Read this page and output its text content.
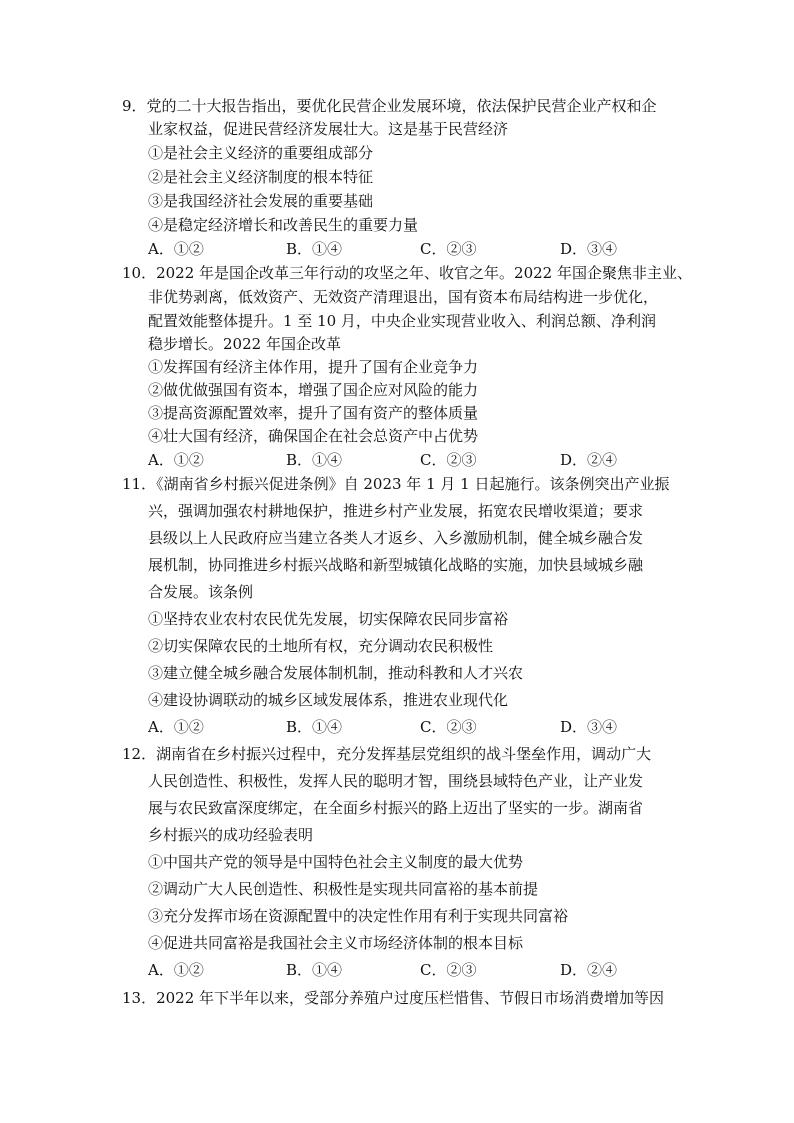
9．党的二十大报告指出，要优化民营企业发展环境，依法保护民营企业产权和企
业家权益，促进民营经济发展壮大。这是基于民营经济
①是社会主义经济的重要组成部分
②是社会主义经济制度的根本特征
③是我国经济社会发展的重要基础
④是稳定经济增长和改善民生的重要力量
A．①②	B．①④	C．②③	D．③④
10．2022 年是国企改革三年行动的攻坚之年、收官之年。2022 年国企聚焦非主业、
非优势剥离，低效资产、无效资产清理退出，国有资本布局结构进一步优化，
配置效能整体提升。1 至 10 月，中央企业实现营业收入、利润总额、净利润
稳步增长。2022 年国企改革
①发挥国有经济主体作用，提升了国有企业竞争力
②做优做强国有资本，增强了国企应对风险的能力
③提高资源配置效率，提升了国有资产的整体质量
④壮大国有经济，确保国企在社会总资产中占优势
A．①②	B．①④	C．②③	D．②④
11．《湖南省乡村振兴促进条例》自 2023 年 1 月 1 日起施行。该条例突出产业振
兴，强调加强农村耕地保护，推进乡村产业发展，拓宽农民增收渠道；要求
县级以上人民政府应当建立各类人才返乡、入乡激励机制，健全城乡融合发
展机制，协同推进乡村振兴战略和新型城镇化战略的实施，加快县域城乡融
合发展。该条例
①坚持农业农村农民优先发展，切实保障农民同步富裕
②切实保障农民的土地所有权，充分调动农民积极性
③建立健全城乡融合发展体制机制，推动科教和人才兴农
④建设协调联动的城乡区域发展体系，推进农业现代化
A．①②	B．①④	C．②③	D．③④
12．湖南省在乡村振兴过程中，充分发挥基层党组织的战斗堡垒作用，调动广大
人民创造性、积极性，发挥人民的聪明才智，围绕县域特色产业，让产业发
展与农民致富深度绑定，在全面乡村振兴的路上迈出了坚实的一步。湖南省
乡村振兴的成功经验表明
①中国共产党的领导是中国特色社会主义制度的最大优势
②调动广大人民创造性、积极性是实现共同富裕的基本前提
③充分发挥市场在资源配置中的决定性作用有利于实现共同富裕
④促进共同富裕是我国社会主义市场经济体制的根本目标
A．①②	B．①④	C．②③	D．②④
13．2022 年下半年以来，受部分养殖户过度压栏惜售、节假日市场消费增加等因
